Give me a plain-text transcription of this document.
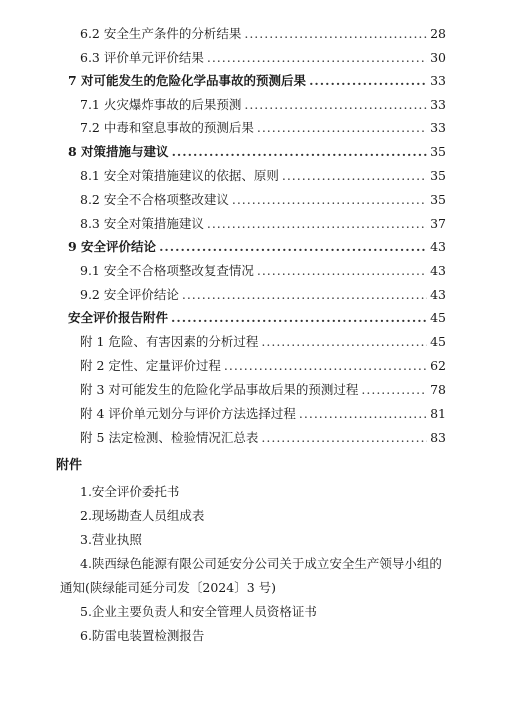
6.2 安全生产条件的分析结果 .....	28
6.3 评价单元评价结果 .....	30
7 对可能发生的危险化学品事故的预测后果 .....	33
7.1 火灾爆炸事故的后果预测 .....	33
7.2 中毒和窒息事故的预测后果 .....	33
8 对策措施与建议 .....	35
8.1 安全对策措施建议的依据、原则 .....	35
8.2 安全不合格项整改建议 .....	35
8.3 安全对策措施建议 .....	37
9 安全评价结论 .....	43
9.1 安全不合格项整改复查情况 .....	43
9.2 安全评价结论 .....	43
安全评价报告附件 .....	45
附 1 危险、有害因素的分析过程 .....	45
附 2 定性、定量评价过程 .....	62
附 3 对可能发生的危险化学品事故后果的预测过程 .....	78
附 4 评价单元划分与评价方法选择过程 .....	81
附 5 法定检测、检验情况汇总表 .....	83
附件
1.安全评价委托书
2.现场勘查人员组成表
3.营业执照
4.陕西绿色能源有限公司延安分公司关于成立安全生产领导小组的
通知(陕绿能司延分司发〔2024〕3 号)
5.企业主要负责人和安全管理人员资格证书
6.防雷电装置检测报告
